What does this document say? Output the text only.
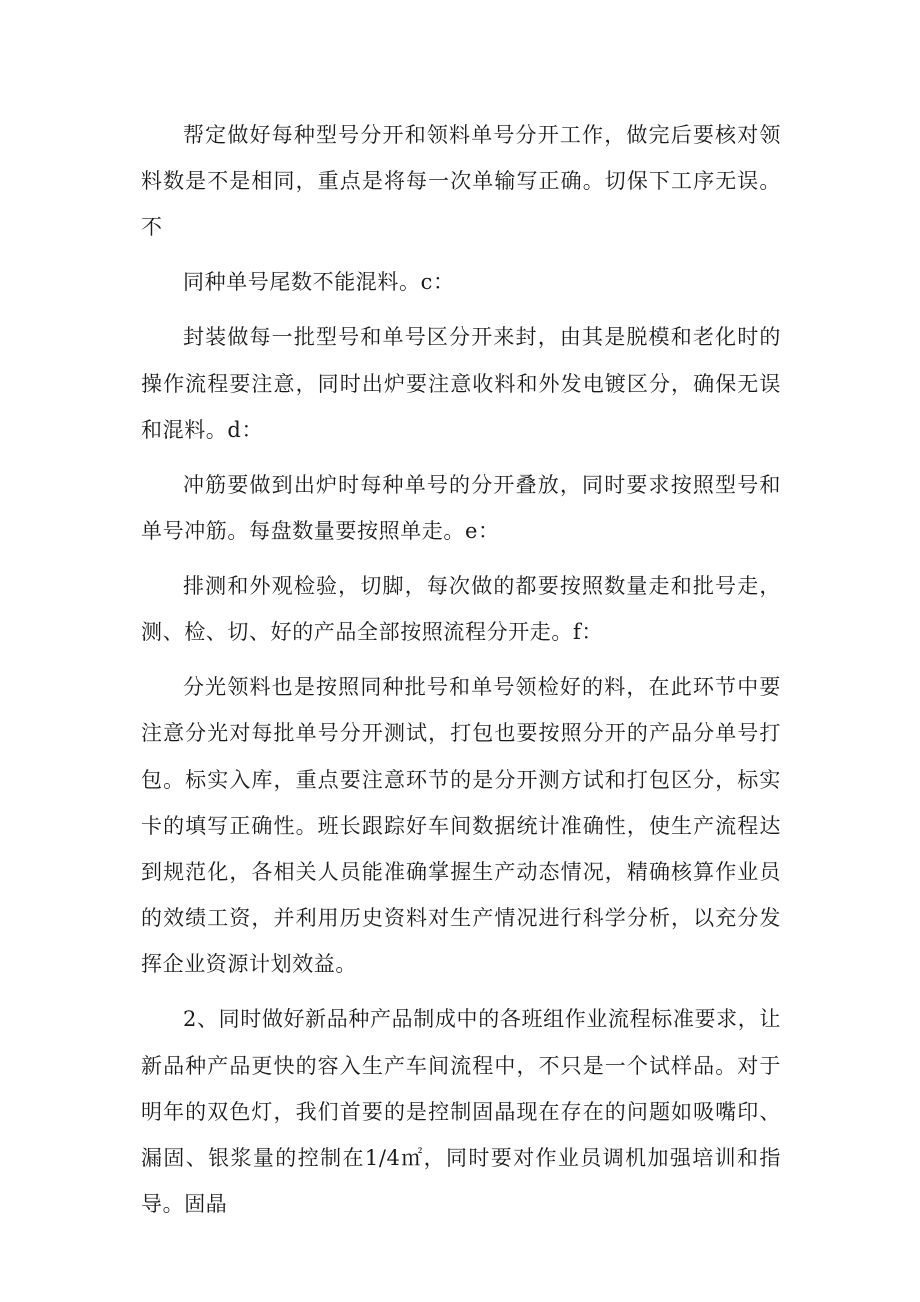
帮定做好每种型号分开和领料单号分开工作，做完后要核对领料数是不是相同，重点是将每一次单输写正确。切保下工序无误。不

同种单号尾数不能混料。c：

封装做每一批型号和单号区分开来封，由其是脱模和老化时的操作流程要注意，同时出炉要注意收料和外发电镀区分，确保无误和混料。d：

冲筋要做到出炉时每种单号的分开叠放，同时要求按照型号和单号冲筋。每盘数量要按照单走。e：

排测和外观检验，切脚，每次做的都要按照数量走和批号走，测、检、切、好的产品全部按照流程分开走。f：

分光领料也是按照同种批号和单号领检好的料，在此环节中要注意分光对每批单号分开测试，打包也要按照分开的产品分单号打包。标实入库，重点要注意环节的是分开测方试和打包区分，标实卡的填写正确性。班长跟踪好车间数据统计准确性，使生产流程达到规范化，各相关人员能准确掌握生产动态情况，精确核算作业员的效绩工资，并利用历史资料对生产情况进行科学分析，以充分发挥企业资源计划效益。

2、同时做好新品种产品制成中的各班组作业流程标准要求，让新品种产品更快的容入生产车间流程中，不只是一个试样品。对于明年的双色灯，我们首要的是控制固晶现在存在的问题如吸嘴印、漏固、银浆量的控制在1/4㎡，同时要对作业员调机加强培训和指导。固晶
